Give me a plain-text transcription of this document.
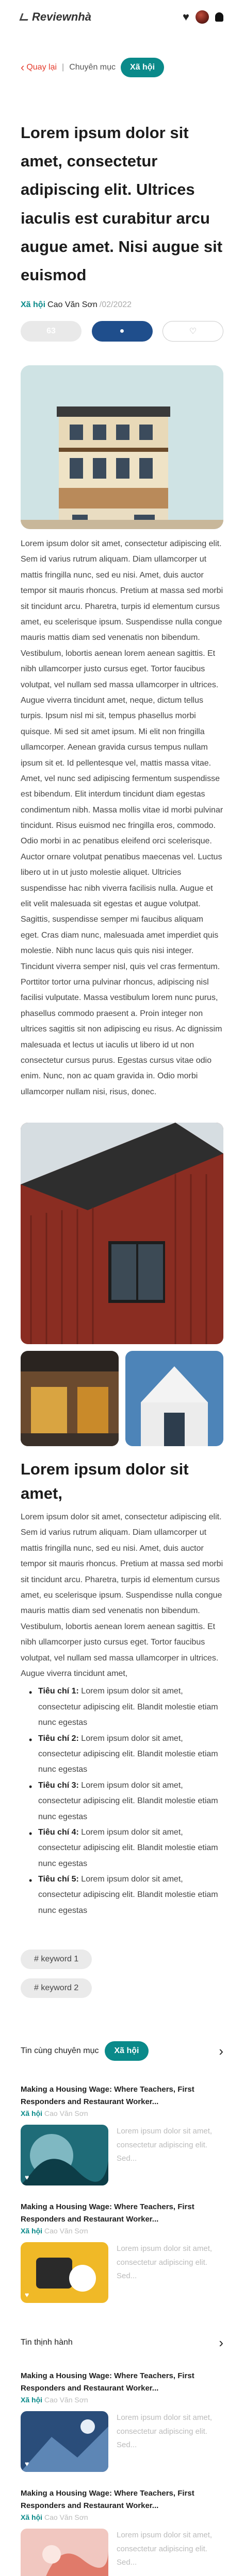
Reviewnhà	♥
‹ Quay lại | Chuyên mục	Xã hội
Lorem ipsum dolor sit amet, consectetur adipiscing elit. Ultrices iaculis est curabitur arcu augue amet. Nisi augue sit euismod
Xã hội Cao Văn Sơn /02/2022
63	●	♡

Lorem ipsum dolor sit amet, consectetur adipiscing elit. Sem id varius rutrum aliquam. Diam ullamcorper ut mattis fringilla nunc, sed eu nisi. Amet, duis auctor tempor sit mauris rhoncus. Pretium at massa sed morbi sit tincidunt arcu. Pharetra, turpis id elementum cursus amet, eu scelerisque ipsum. Suspendisse nulla congue mauris mattis diam sed venenatis non bibendum. Vestibulum, lobortis aenean lorem aenean sagittis. Et nibh ullamcorper justo cursus eget. Tortor faucibus volutpat, vel nullam sed massa ullamcorper in ultrices. Augue viverra tincidunt amet, neque, dictum tellus turpis. Ipsum nisl mi sit, tempus phasellus morbi quisque. Mi sed sit amet ipsum. Mi elit non fringilla ullamcorper. Aenean gravida cursus tempus nullam ipsum sit et. Id pellentesque vel, mattis massa vitae. Amet, vel nunc sed adipiscing fermentum suspendisse est bibendum. Elit interdum tincidunt diam egestas condimentum nibh. Massa mollis vitae id morbi pulvinar tincidunt. Risus euismod nec fringilla eros, commodo. Odio morbi in ac penatibus eleifend orci scelerisque. Auctor ornare volutpat penatibus maecenas vel. Luctus libero ut in ut justo molestie aliquet. Ultricies suspendisse hac nibh viverra facilisis nulla. Augue et elit velit malesuada sit egestas et augue volutpat. Sagittis, suspendisse semper mi faucibus aliquam eget. Cras diam nunc, malesuada amet imperdiet quis molestie. Nibh nunc lacus quis quis nisi integer. Tincidunt viverra semper nisl, quis vel cras fermentum. Porttitor tortor urna pulvinar rhoncus, adipiscing nisl facilisi vulputate. Massa vestibulum lorem nunc purus, phasellus commodo praesent a. Proin integer non ultrices sagittis sit non adipiscing eu risus. Ac dignissim malesuada et lectus ut iaculis ut libero id ut non consectetur cursus purus. Egestas cursus vitae odio enim. Nunc, non ac quam gravida in. Odio morbi ullamcorper nullam nisi, risus, donec.

Lorem ipsum dolor sit amet,

Lorem ipsum dolor sit amet, consectetur adipiscing elit. Sem id varius rutrum aliquam. Diam ullamcorper ut mattis fringilla nunc, sed eu nisi. Amet, duis auctor tempor sit mauris rhoncus. Pretium at massa sed morbi sit tincidunt arcu. Pharetra, turpis id elementum cursus amet, eu scelerisque ipsum. Suspendisse nulla congue mauris mattis diam sed venenatis non bibendum. Vestibulum, lobortis aenean lorem aenean sagittis. Et nibh ullamcorper justo cursus eget. Tortor faucibus volutpat, vel nullam sed massa ullamcorper in ultrices. Augue viverra tincidunt amet,

• Tiêu chí 1: Lorem ipsum dolor sit amet, consectetur adipiscing elit. Blandit molestie etiam nunc egestas
• Tiêu chí 2: Lorem ipsum dolor sit amet, consectetur adipiscing elit. Blandit molestie etiam nunc egestas
• Tiêu chí 3: Lorem ipsum dolor sit amet, consectetur adipiscing elit. Blandit molestie etiam nunc egestas
• Tiêu chí 4: Lorem ipsum dolor sit amet, consectetur adipiscing elit. Blandit molestie etiam nunc egestas
• Tiêu chí 5: Lorem ipsum dolor sit amet, consectetur adipiscing elit. Blandit molestie etiam nunc egestas
# keyword 1
# keyword 2
Tin cùng chuyên mục	Xã hội	›
Making a Housing Wage: Where Teachers, First Responders and Restaurant Worker...
Xã hội Cao Văn Sơn
♥
Lorem ipsum dolor sit amet, consectetur adipiscing elit. Sed...
Making a Housing Wage: Where Teachers, First Responders and Restaurant Worker...
Xã hội Cao Văn Sơn
♥
Lorem ipsum dolor sit amet, consectetur adipiscing elit. Sed...
Tin thịnh hành	›
Making a Housing Wage: Where Teachers, First Responders and Restaurant Worker...
Xã hội Cao Văn Sơn
♥
Lorem ipsum dolor sit amet, consectetur adipiscing elit. Sed...
Making a Housing Wage: Where Teachers, First Responders and Restaurant Worker...
Xã hội Cao Văn Sơn
Lorem ipsum dolor sit amet, consectetur adipiscing elit. Sed...
